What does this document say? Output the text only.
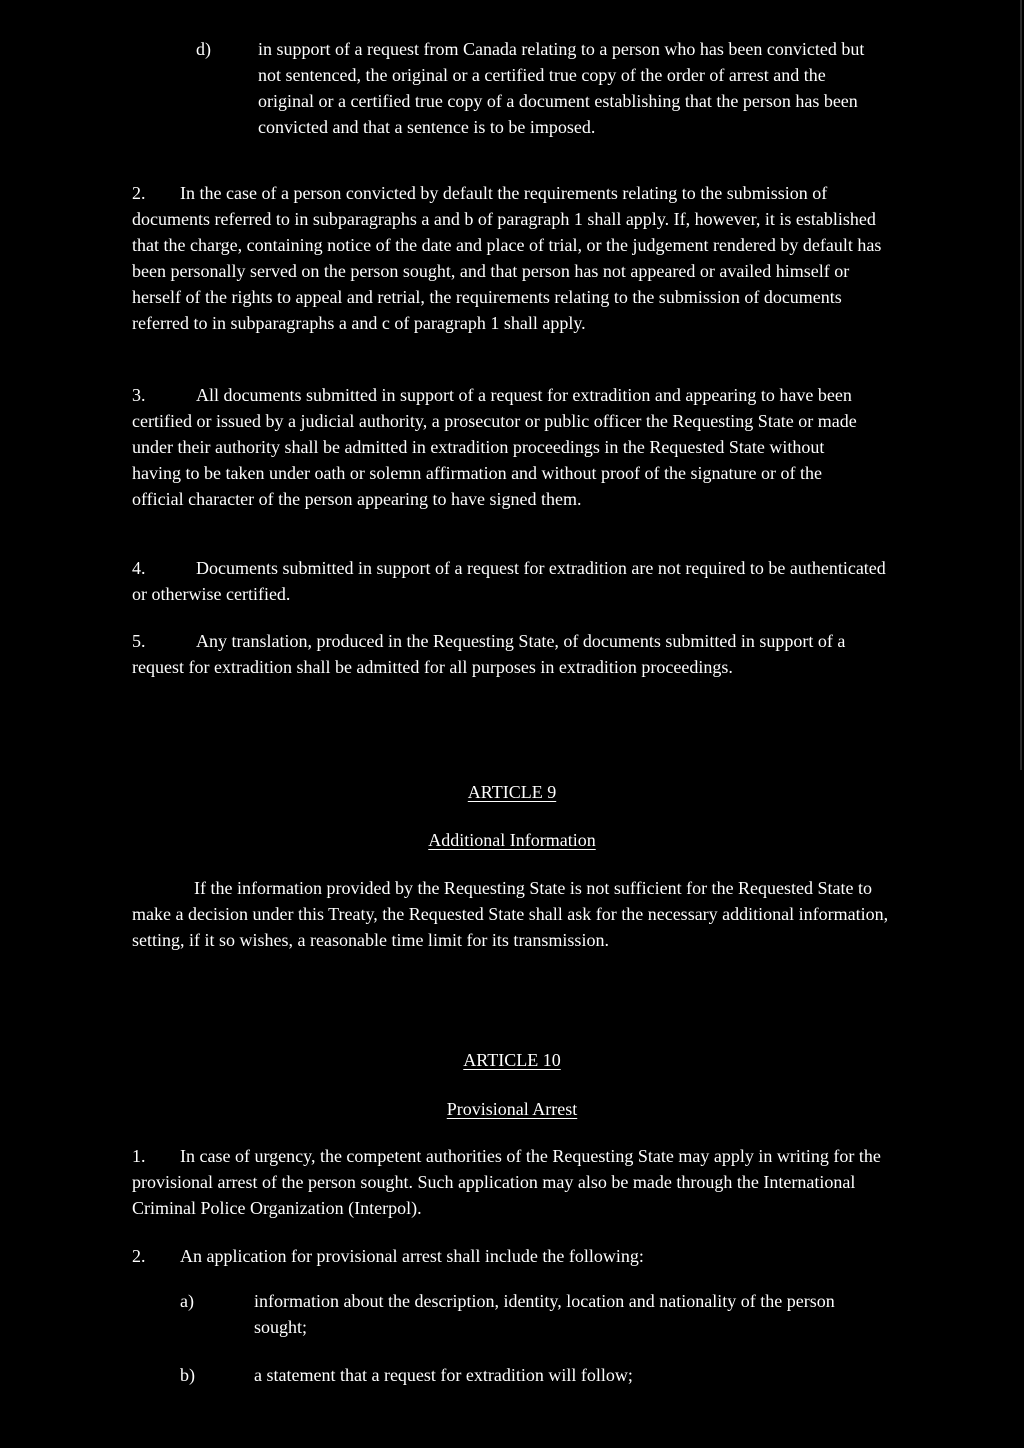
d)	in support of a request from Canada relating to a person who has been convicted but not sentenced, the original or a certified true copy of the order of arrest and the original or a certified true copy of a document establishing that the person has been convicted and that a sentence is to be imposed.
2. In the case of a person convicted by default the requirements relating to the submission of documents referred to in subparagraphs a and b of paragraph 1 shall apply. If, however, it is established that the charge, containing notice of the date and place of trial, or the judgement rendered by default has been personally served on the person sought, and that person has not appeared or availed himself or herself of the rights to appeal and retrial, the requirements relating to the submission of documents referred to in subparagraphs a and c of paragraph 1 shall apply.
3.	All documents submitted in support of a request for extradition and appearing to have been certified or issued by a judicial authority, a prosecutor or public officer the Requesting State or made under their authority shall be admitted in extradition proceedings in the Requested State without having to be taken under oath or solemn affirmation and without proof of the signature or of the official character of the person appearing to have signed them.
4.	Documents submitted in support of a request for extradition are not required to be authenticated or otherwise certified.
5.	Any translation, produced in the Requesting State, of documents submitted in support of a request for extradition shall be admitted for all purposes in extradition proceedings.
ARTICLE 9
Additional Information
If the information provided by the Requesting State is not sufficient for the Requested State to make a decision under this Treaty, the Requested State shall ask for the necessary additional information, setting, if it so wishes, a reasonable time limit for its transmission.
ARTICLE 10
Provisional Arrest
1. In case of urgency, the competent authorities of the Requesting State may apply in writing for the provisional arrest of the person sought. Such application may also be made through the International Criminal Police Organization (Interpol).
2. An application for provisional arrest shall include the following:
a)	information about the description, identity, location and nationality of the person sought;
b)	a statement that a request for extradition will follow;
